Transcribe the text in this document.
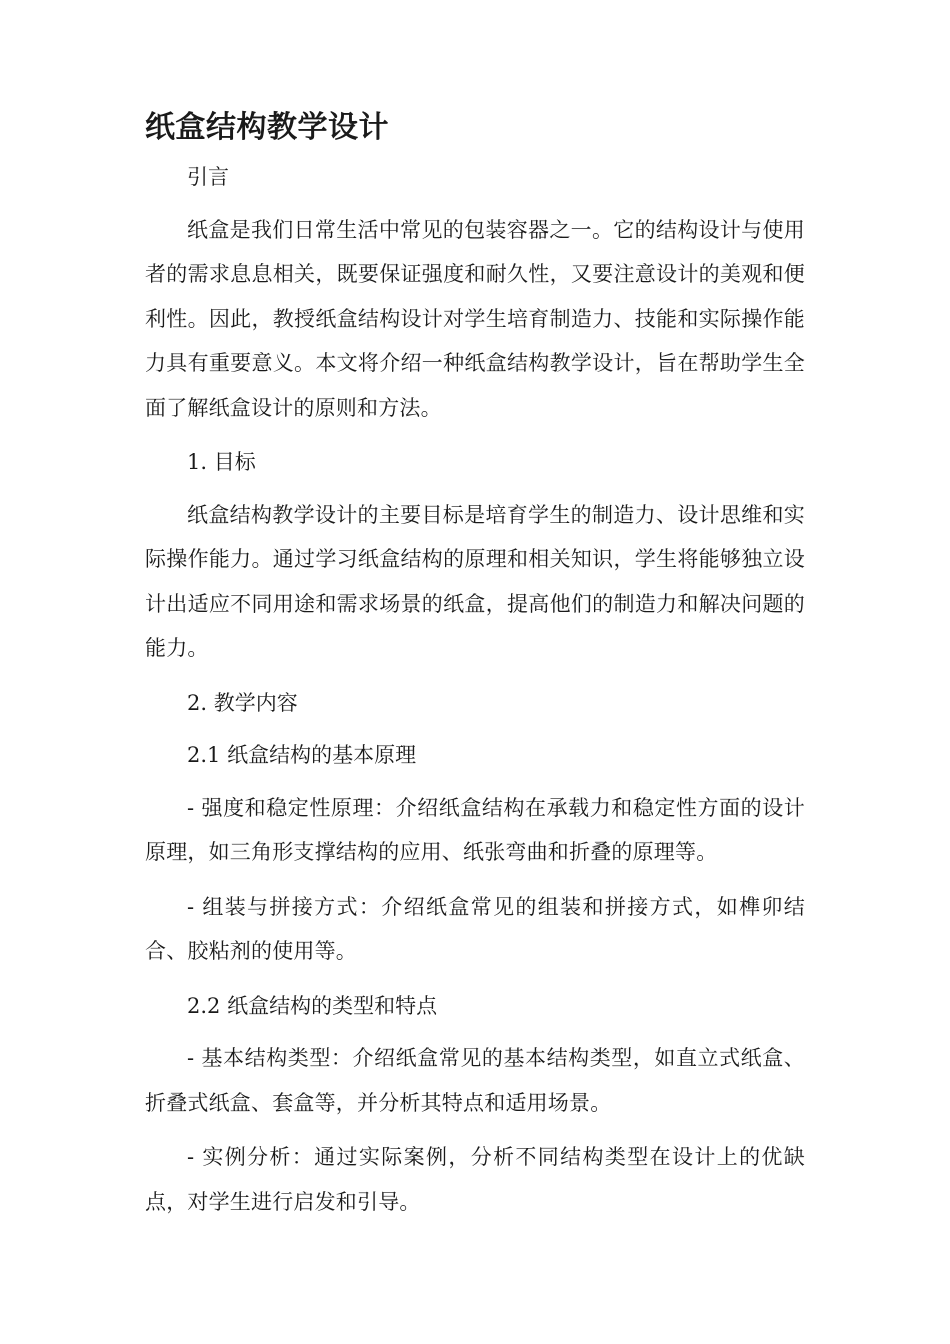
纸盒结构教学设计
引言

纸盒是我们日常生活中常见的包装容器之一。它的结构设计与使用者的需求息息相关，既要保证强度和耐久性，又要注意设计的美观和便利性。因此，教授纸盒结构设计对学生培育制造力、技能和实际操作能力具有重要意义。本文将介绍一种纸盒结构教学设计，旨在帮助学生全面了解纸盒设计的原则和方法。

1. 目标

纸盒结构教学设计的主要目标是培育学生的制造力、设计思维和实际操作能力。通过学习纸盒结构的原理和相关知识，学生将能够独立设计出适应不同用途和需求场景的纸盒，提高他们的制造力和解决问题的能力。

2. 教学内容
2.1 纸盒结构的基本原理

- 强度和稳定性原理：介绍纸盒结构在承载力和稳定性方面的设计原理，如三角形支撑结构的应用、纸张弯曲和折叠的原理等。

- 组装与拼接方式：介绍纸盒常见的组装和拼接方式，如榫卯结合、胶粘剂的使用等。

2.2 纸盒结构的类型和特点

- 基本结构类型：介绍纸盒常见的基本结构类型，如直立式纸盒、折叠式纸盒、套盒等，并分析其特点和适用场景。

- 实例分析：通过实际案例，分析不同结构类型在设计上的优缺点，对学生进行启发和引导。
